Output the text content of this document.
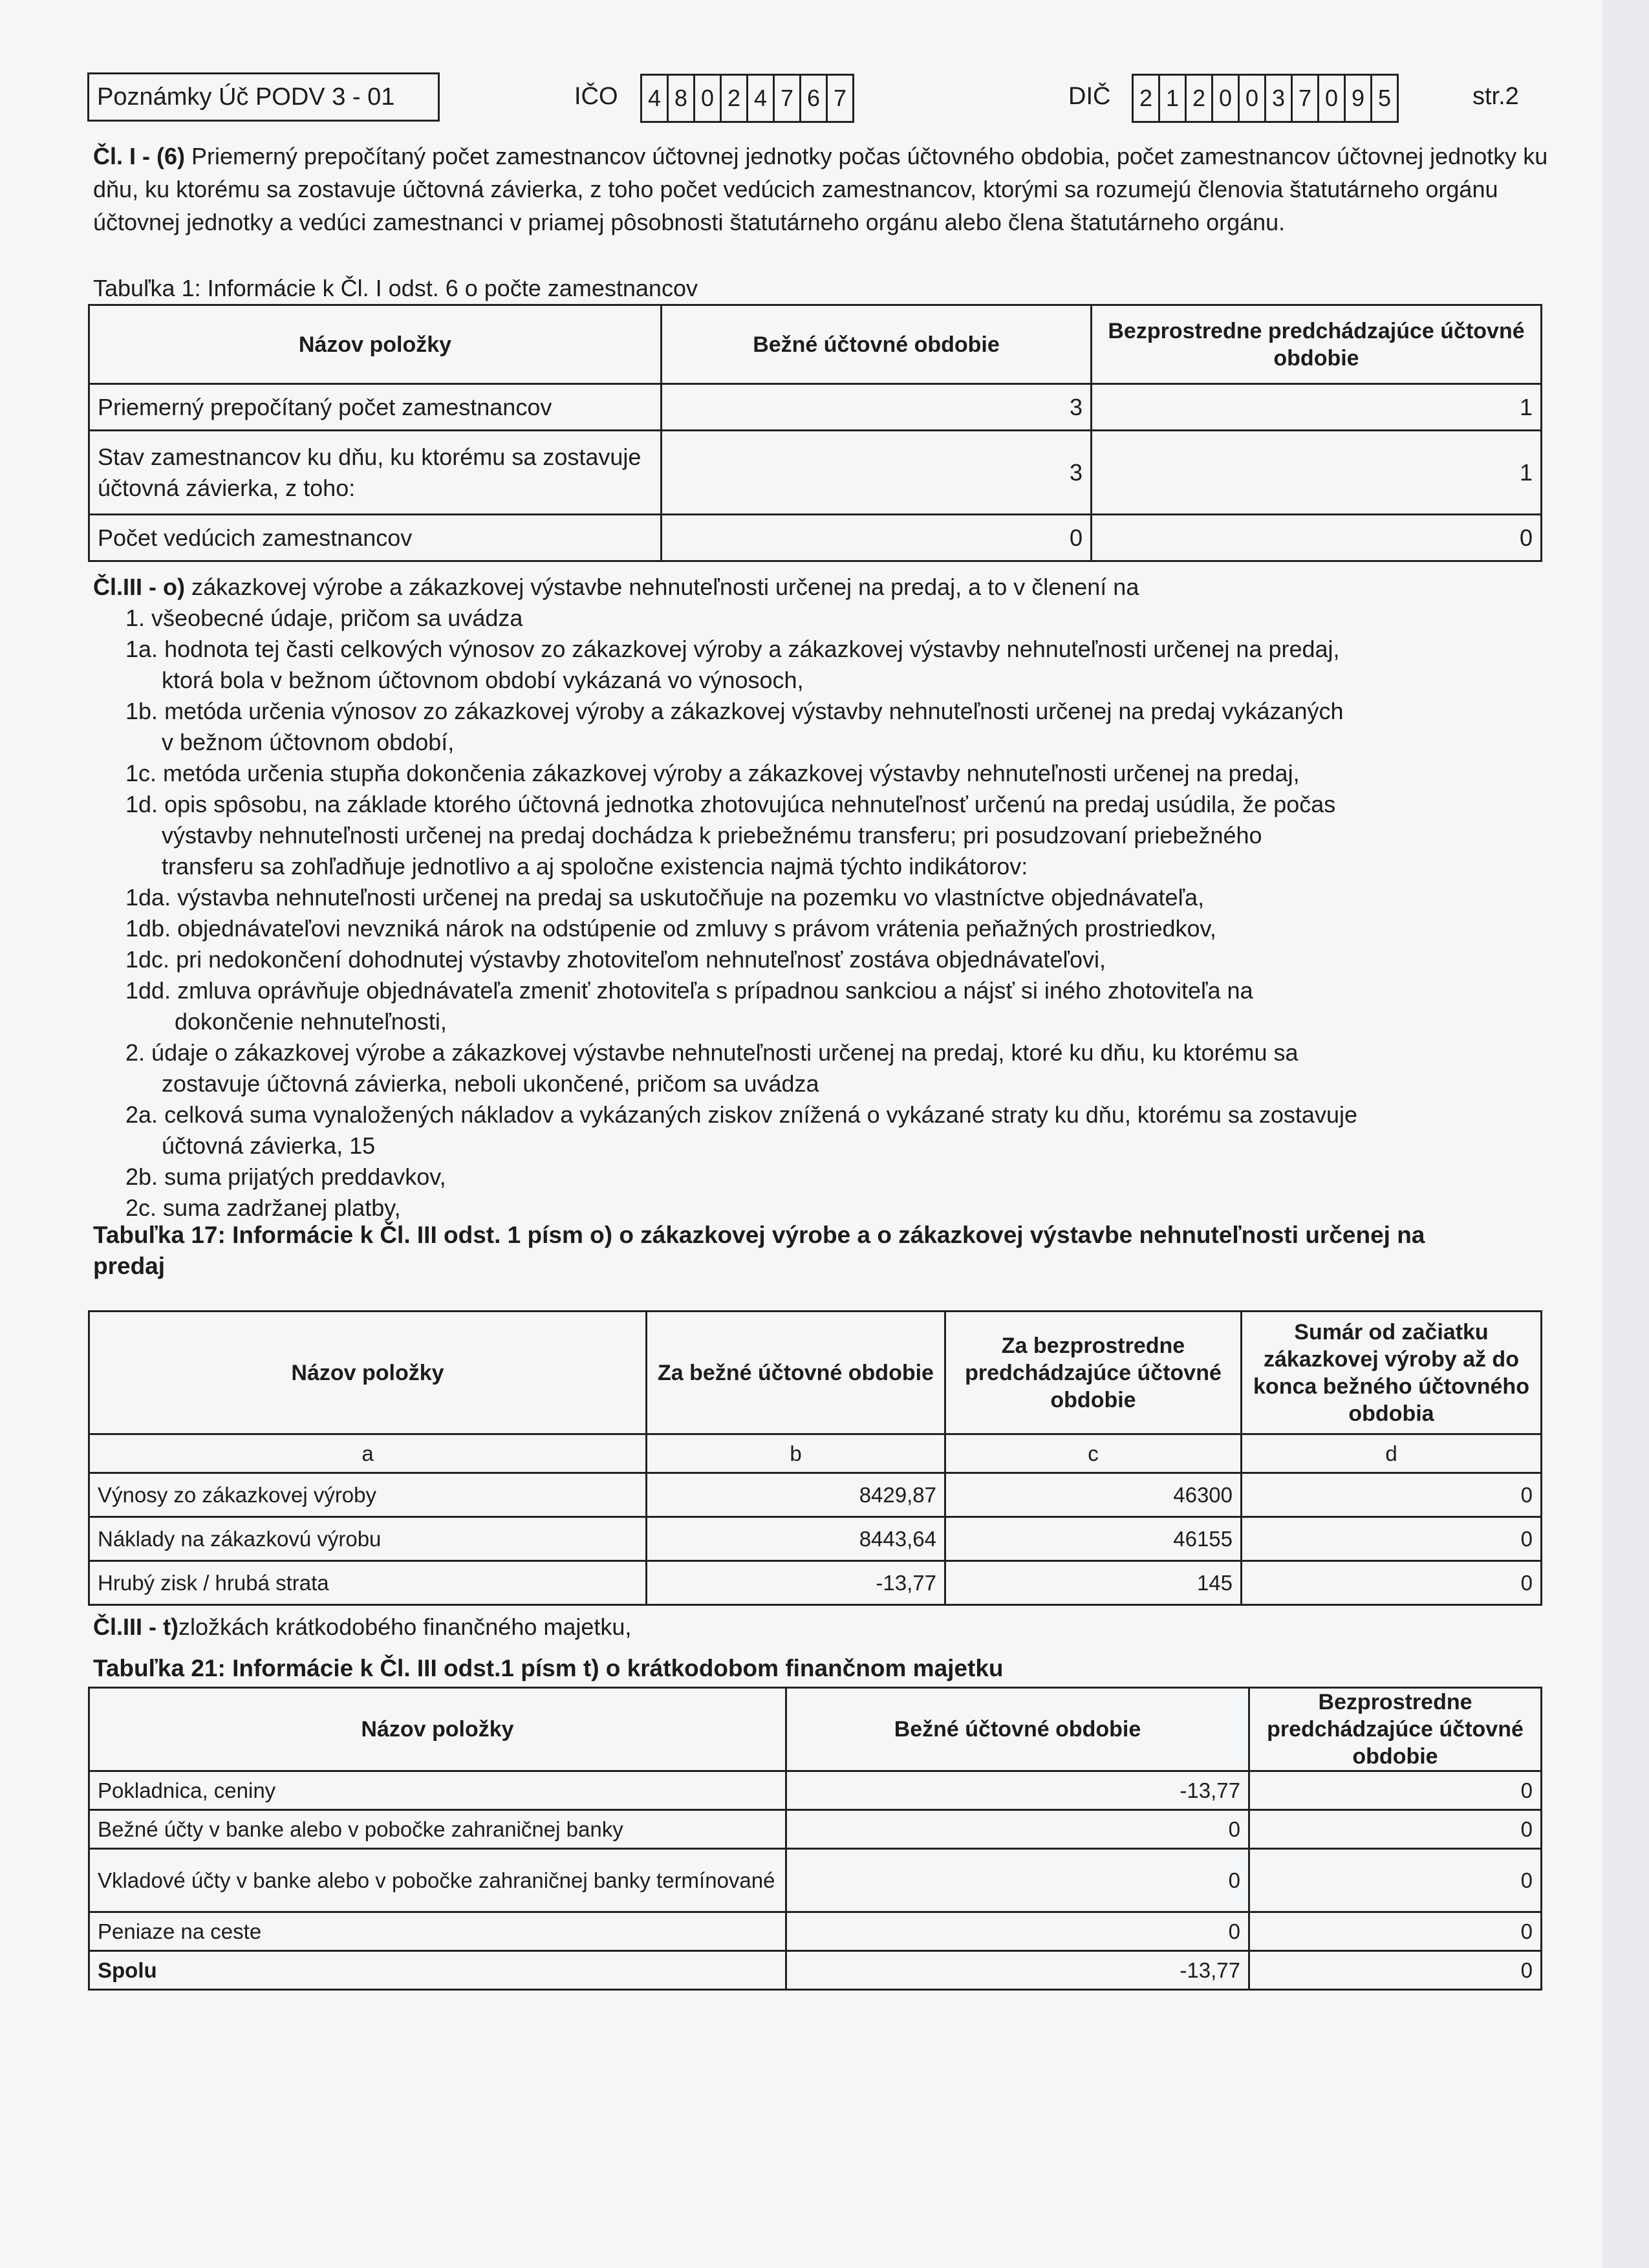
Poznámky Úč PODV 3 - 01	IČO 4 8 0 2 4 7 6 7	DIČ 2 1 2 0 0 3 7 0 9 5	str.2
Čl. I - (6) Priemerný prepočítaný počet zamestnancov účtovnej jednotky počas účtovného obdobia, počet zamestnancov účtovnej jednotky ku dňu, ku ktorému sa zostavuje účtovná závierka, z toho počet vedúcich zamestnancov, ktorými sa rozumejú členovia štatutárneho orgánu účtovnej jednotky a vedúci zamestnanci v priamej pôsobnosti štatutárneho orgánu alebo člena štatutárneho orgánu.
Tabuľka 1: Informácie k Čl. I odst. 6 o počte zamestnancov
Názov položky	Bežné účtovné obdobie	Bezprostredne predchádzajúce účtovné obdobie
Priemerný prepočítaný počet zamestnancov	3	1
Stav zamestnancov ku dňu, ku ktorému sa zostavuje účtovná závierka, z toho:	3	1
Počet vedúcich zamestnancov	0	0
Čl.III - o) zákazkovej výrobe a zákazkovej výstavbe nehnuteľnosti určenej na predaj, a to v členení na
1. všeobecné údaje, pričom sa uvádza
1a. hodnota tej časti celkových výnosov zo zákazkovej výroby a zákazkovej výstavby nehnuteľnosti určenej na predaj,
ktorá bola v bežnom účtovnom období vykázaná vo výnosoch,
1b. metóda určenia výnosov zo zákazkovej výroby a zákazkovej výstavby nehnuteľnosti určenej na predaj vykázaných
v bežnom účtovnom období,
1c. metóda určenia stupňa dokončenia zákazkovej výroby a zákazkovej výstavby nehnuteľnosti určenej na predaj,
1d. opis spôsobu, na základe ktorého účtovná jednotka zhotovujúca nehnuteľnosť určenú na predaj usúdila, že počas
výstavby nehnuteľnosti určenej na predaj dochádza k priebežnému transferu; pri posudzovaní priebežného
transferu sa zohľadňuje jednotlivo a aj spoločne existencia najmä týchto indikátorov:
1da. výstavba nehnuteľnosti určenej na predaj sa uskutočňuje na pozemku vo vlastníctve objednávateľa,
1db. objednávateľovi nevzniká nárok na odstúpenie od zmluvy s právom vrátenia peňažných prostriedkov,
1dc. pri nedokončení dohodnutej výstavby zhotoviteľom nehnuteľnosť zostáva objednávateľovi,
1dd. zmluva oprávňuje objednávateľa zmeniť zhotoviteľa s prípadnou sankciou a nájsť si iného zhotoviteľa na
dokončenie nehnuteľnosti,
2. údaje o zákazkovej výrobe a zákazkovej výstavbe nehnuteľnosti určenej na predaj, ktoré ku dňu, ku ktorému sa
zostavuje účtovná závierka, neboli ukončené, pričom sa uvádza
2a. celková suma vynaložených nákladov a vykázaných ziskov znížená o vykázané straty ku dňu, ktorému sa zostavuje
účtovná závierka, 15
2b. suma prijatých preddavkov,
2c. suma zadržanej platby,
Tabuľka 17: Informácie k Čl. III odst. 1 písm o) o zákazkovej výrobe a o zákazkovej výstavbe nehnuteľnosti určenej na predaj
Názov položky	Za bežné účtovné obdobie	Za bezprostredne predchádzajúce účtovné obdobie	Sumár od začiatku zákazkovej výroby až do konca bežného účtovného obdobia
a	b	c	d
Výnosy zo zákazkovej výroby	8429,87	46300	0
Náklady na zákazkovú výrobu	8443,64	46155	0
Hrubý zisk / hrubá strata	-13,77	145	0
Čl.III - t)zložkách krátkodobého finančného majetku,
Tabuľka 21: Informácie k Čl. III odst.1 písm t) o krátkodobom finančnom majetku
Názov položky	Bežné účtovné obdobie	Bezprostredne predchádzajúce účtovné obdobie
Pokladnica, ceniny	-13,77	0
Bežné účty v banke alebo v pobočke zahraničnej banky	0	0
Vkladové účty v banke alebo v pobočke zahraničnej banky termínované	0	0
Peniaze na ceste	0	0
Spolu	-13,77	0
